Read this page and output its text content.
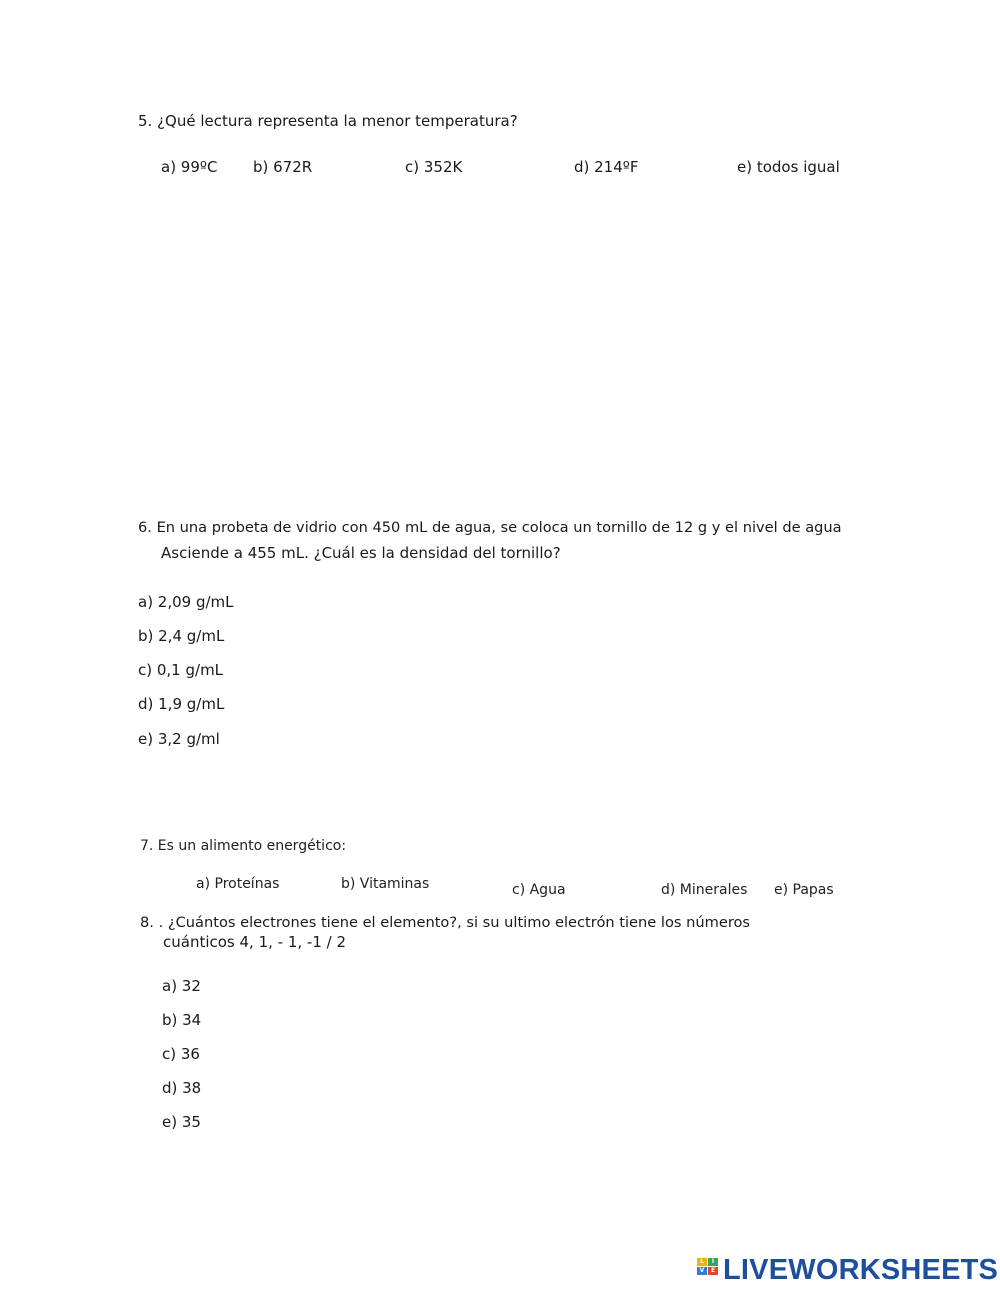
5. ¿Qué lectura representa la menor temperatura?
a) 99ºC b) 672R	c) 352K	d) 214ºF	e) todos igual
6. En una probeta de vidrio con 450 mL de agua, se coloca un tornillo de 12 g y el nivel de agua
Asciende a 455 mL. ¿Cuál es la densidad del tornillo?
a) 2,09 g/mL
b) 2,4 g/mL
c) 0,1 g/mL
d) 1,9 g/mL
e) 3,2 g/ml
7. Es un alimento energético:
a) Proteínas	b) Vitaminas	c) Agua	d) Minerales e) Papas
8. . ¿Cuántos electrones tiene el elemento?, si su ultimo electrón tiene los números
cuánticos 4, 1, - 1, -1 / 2
a) 32
b) 34
c) 36
d) 38
e) 35
L	I
V	E LIVEWORKSHEETS
